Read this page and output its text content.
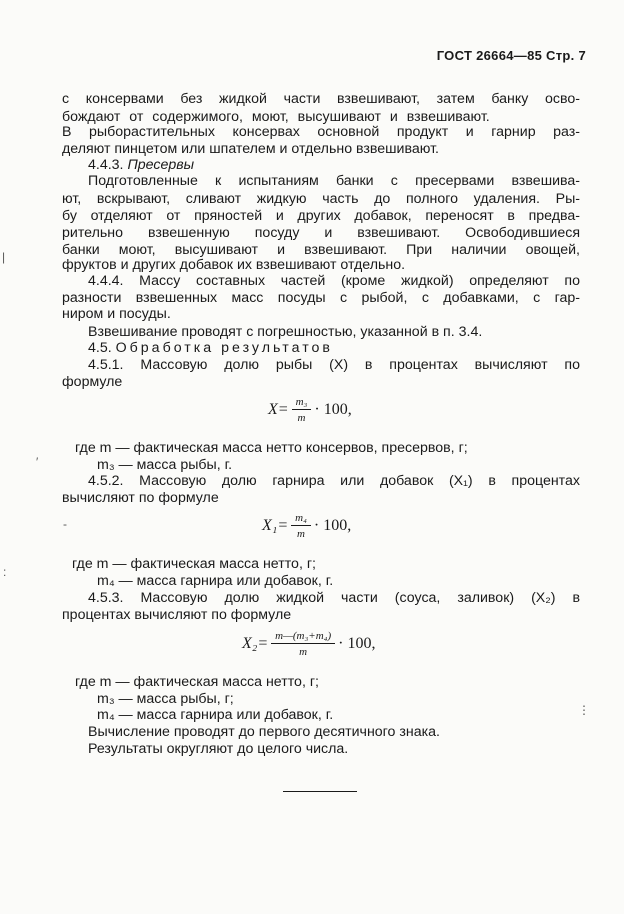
ГОСТ 26664—85 Стр. 7
с консервами без жидкой части взвешивают, затем банку осво-
бождают от содержимого, моют, высушивают и взвешивают.
В рыборастительных консервах основной продукт и гарнир раз-
деляют пинцетом или шпателем и отдельно взвешивают.
4.4.3. Пресервы
Подготовленные к испытаниям банки с пресервами взвешива-
ют, вскрывают, сливают жидкую часть до полного удаления. Ры-
бу отделяют от пряностей и других добавок, переносят в предва-
рительно взвешенную посуду и взвешивают. Освободившиеся
банки моют, высушивают и взвешивают. При наличии овощей,
фруктов и других добавок их взвешивают отдельно.
4.4.4. Массу составных частей (кроме жидкой) определяют по
разности взвешенных масс посуды с рыбой, с добавками, с гар-
ниром и посуды.
Взвешивание проводят с погрешностью, указанной в п. 3.4.
4.5. Обработка результатов
4.5.1. Массовую долю рыбы (X) в процентах вычисляют по
формуле
$X= \frac{\text{m₃}}{m} \cdot 100$,
где m — фактическая масса нетто консервов, пресервов, г;
m₃ — масса рыбы, г.
4.5.2. Массовую долю гарнира или добавок (X₁) в процентах
вычисляют по формуле
$X_1= \frac{\text{m₄}}{m} \cdot 100$,
где m — фактическая масса нетто, г;
m₄ — масса гарнира или добавок, г.
4.5.3. Массовую долю жидкой части (соуса, заливок) (X₂) в
процентах вычисляют по формуле
$X_2= \frac{\text{m—(m₃+m₄)}}{m} \cdot 100$,
где m — фактическая масса нетто, г;
m₃ — масса рыбы, г;
m₄ — масса гарнира или добавок, г.
Вычисление проводят до первого десятичного знака.
Результаты округляют до целого числа.
|
′
-
:
⋮
